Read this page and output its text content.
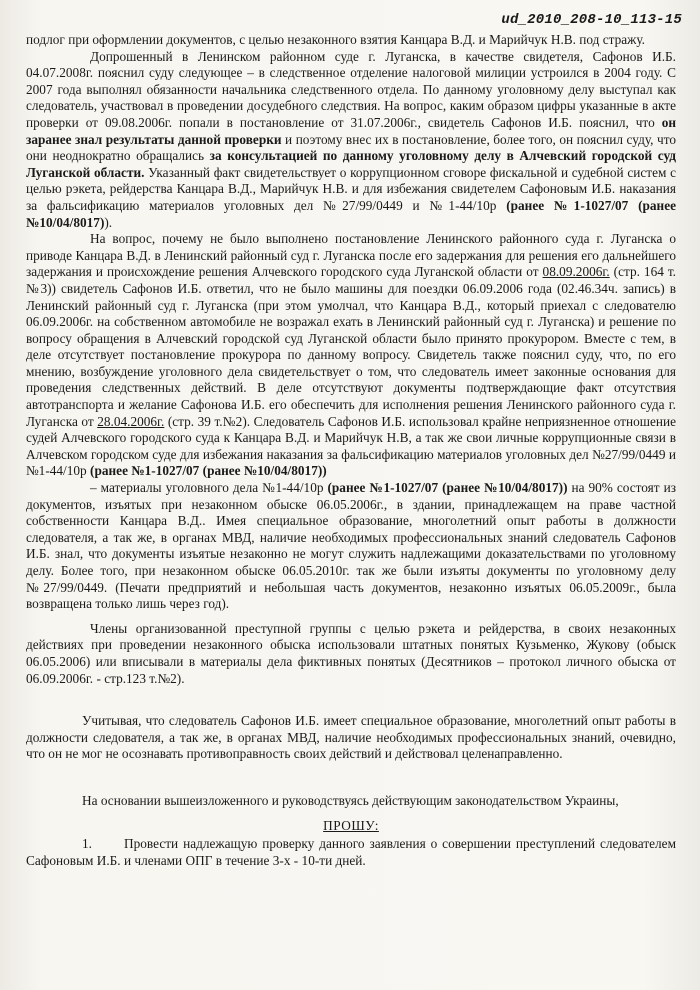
ud_2010_208-10_113-15

подлог при оформлении документов, с целью незаконного взятия Канцара В.Д. и Марийчук Н.В. под стражу.

Допрошенный в Ленинском районном суде г. Луганска, в качестве свидетеля, Сафонов И.Б. 04.07.2008г. пояснил суду следующее – в следственное отделение налоговой милиции устроился в 2004 году. С 2007 года выполнял обязанности начальника следственного отдела. По данному уголовному делу выступал как следователь, участвовал в проведении досудебного следствия. На вопрос, каким образом цифры указанные в акте проверки от 09.08.2006г. попали в постановление от 31.07.2006г., свидетель Сафонов И.Б. пояснил, что он заранее знал результаты данной проверки и поэтому внес их в постановление, более того, он пояснил суду, что они неоднократно обращались за консультацией по данному уголовному делу в Алчевский городской суд Луганской области. Указанный факт свидетельствует о коррупционном сговоре фискальной и судебной систем с целью рэкета, рейдерства Канцара В.Д., Марийчук Н.В. и для избежания свидетелем Сафоновым И.Б. наказания за фальсификацию материалов уголовных дел №27/99/0449 и №1-44/10р (ранее №1-1027/07 (ранее №10/04/8017)).

На вопрос, почему не было выполнено постановление Ленинского районного суда г. Луганска о приводе Канцара В.Д. в Ленинский районный суд г. Луганска после его задержания для решения его дальнейшего задержания и происхождение решения Алчевского городского суда Луганской области от 08.09.2006г. (стр. 164 т.№3)) свидетель Сафонов И.Б. ответил, что не было машины для поездки 06.09.2006 года (02.46.34ч. запись) в Ленинский районный суд г. Луганска (при этом умолчал, что Канцара В.Д., который приехал с следователю 06.09.2006г. на собственном автомобиле не возражал ехать в Ленинский районный суд г. Луганска) и решение по вопросу обращения в Алчевский городской суд Луганской области было принято прокурором. Вместе с тем, в деле отсутствует постановление прокурора по данному вопросу. Свидетель также пояснил суду, что, по его мнению, возбуждение уголовного дела свидетельствует о том, что следователь имеет законные основания для проведения следственных действий. В деле отсутствуют документы подтверждающие факт отсутствия автотранспорта и желание Сафонова И.Б. его обеспечить для исполнения решения Ленинского районного суда г. Луганска от 28.04.2006г. (стр. 39 т.№2). Следователь Сафонов И.Б. использовал крайне неприязненное отношение судей Алчевского городского суда к Канцара В.Д. и Марийчук Н.В, а так же свои личные коррупционные связи в Алчевском городском суде для избежания наказания за фальсификацию материалов уголовных дел №27/99/0449 и №1-44/10р (ранее №1-1027/07 (ранее №10/04/8017))

– материалы уголовного дела №1-44/10р (ранее №1-1027/07 (ранее №10/04/8017)) на 90% состоят из документов, изъятых при незаконном обыске 06.05.2006г., в здании, принадлежащем на праве частной собственности Канцара В.Д.. Имея специальное образование, многолетний опыт работы в должности следователя, а так же, в органах МВД, наличие необходимых профессиональных знаний следователь Сафонов И.Б. знал, что документы изъятые незаконно не могут служить надлежащими доказательствами по уголовному делу. Более того, при незаконном обыске 06.05.2010г. так же были изъяты документы по уголовному делу №27/99/0449. (Печати предприятий и небольшая часть документов, незаконно изъятых 06.05.2009г., была возвращена только лишь через год).

Члены организованной преступной группы с целью рэкета и рейдерства, в своих незаконных действиях при проведении незаконного обыска использовали штатных понятых Кузьменко, Жукову (обыск 06.05.2006) или вписывали в материалы дела фиктивных понятых (Десятников – протокол личного обыска от 06.09.2006г. - стр.123 т.№2).

Учитывая, что следователь Сафонов И.Б. имеет специальное образование, многолетний опыт работы в должности следователя, а так же, в органах МВД, наличие необходимых профессиональных знаний, очевидно, что он не мог не осознавать противоправность своих действий и действовал целенаправленно.

На основании вышеизложенного и руководствуясь действующим законодательством Украины,

ПРОШУ:

1. Провести надлежащую проверку данного заявления о совершении преступлений следователем Сафоновым И.Б. и членами ОПГ в течение 3-х - 10-ти дней.
